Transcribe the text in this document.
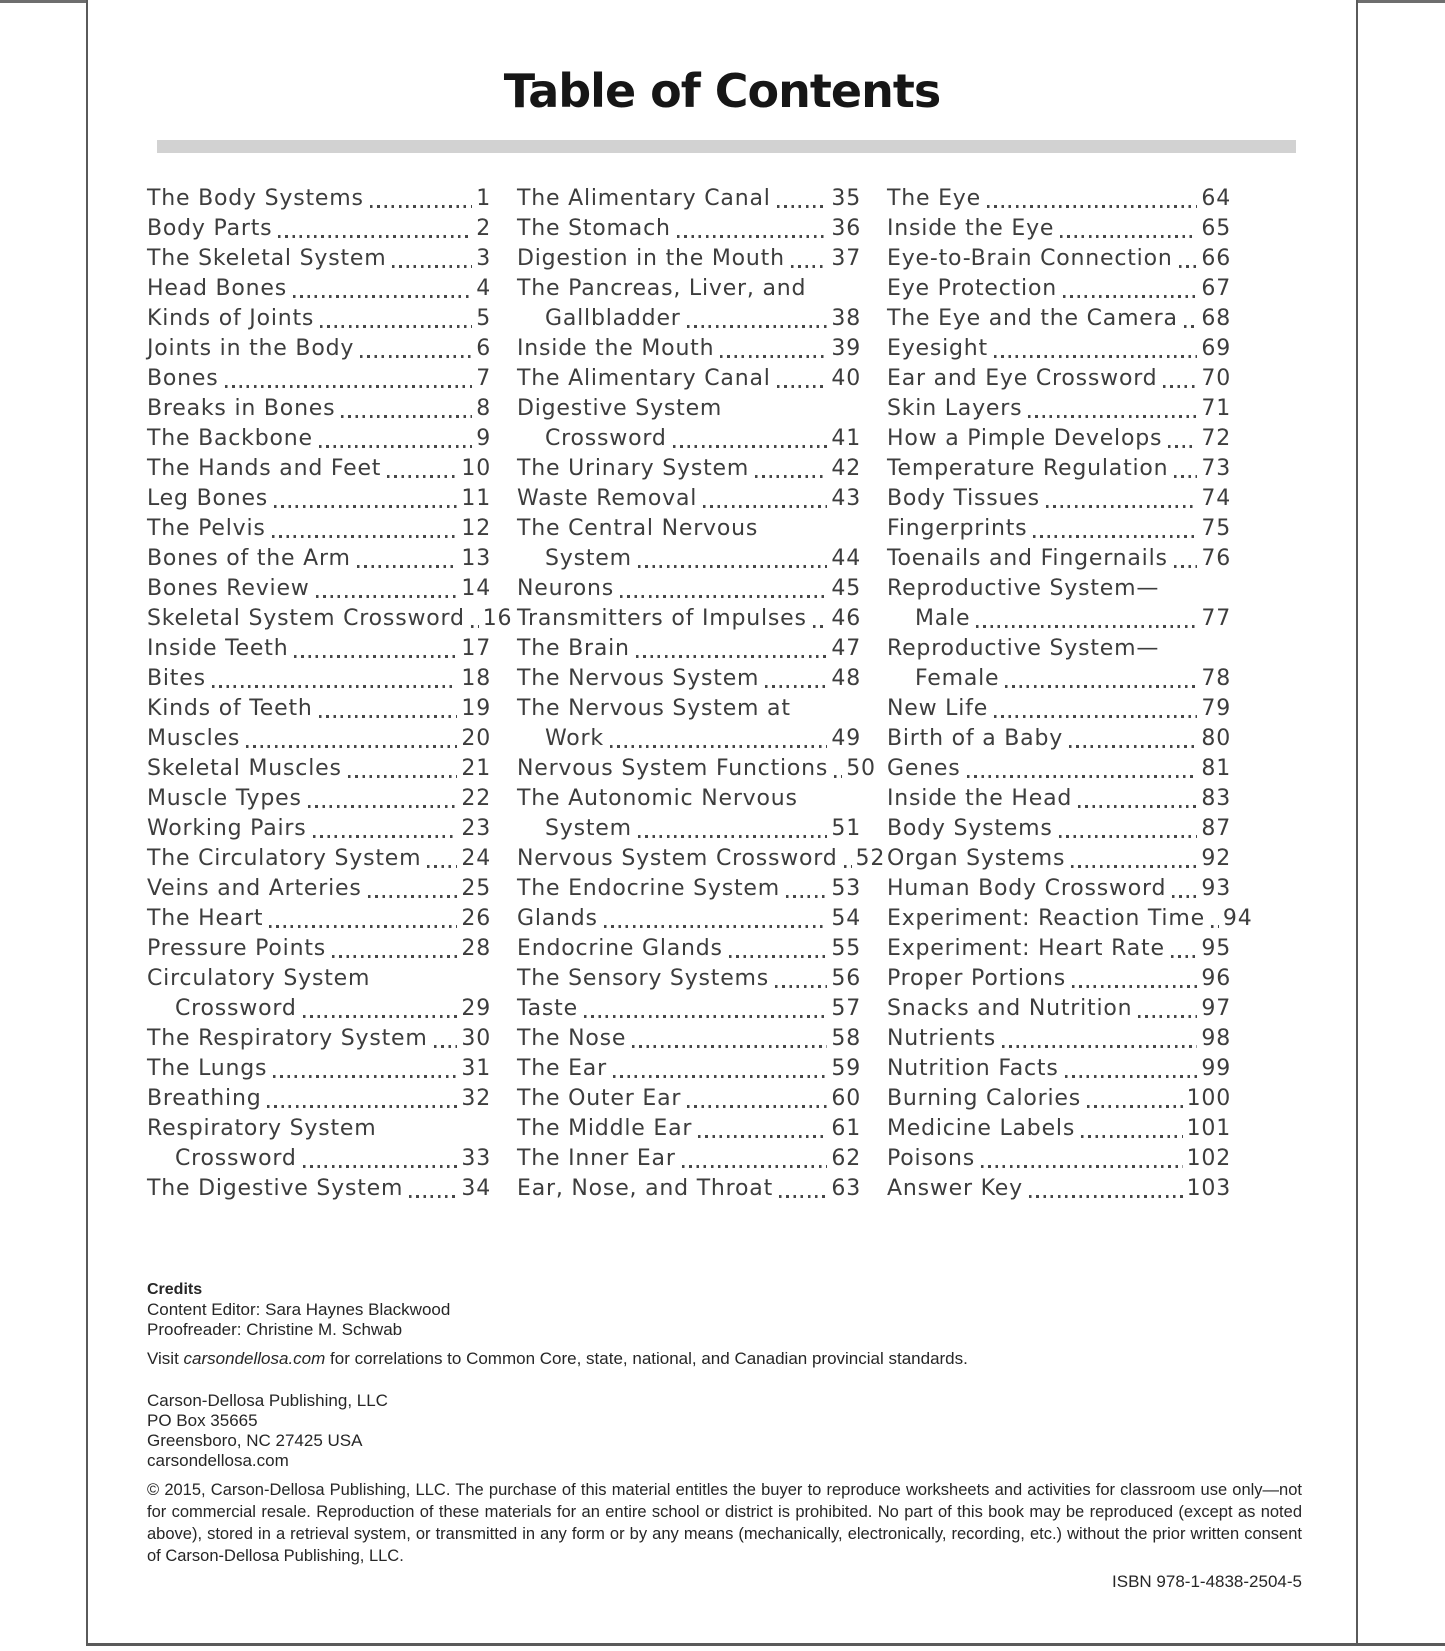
Table of Contents
The Body Systems	1
Body Parts	2
The Skeletal System	3
Head Bones	4
Kinds of Joints	5
Joints in the Body	6
Bones	7
Breaks in Bones	8
The Backbone	9
The Hands and Feet	10
Leg Bones	11
The Pelvis	12
Bones of the Arm	13
Bones Review	14
Skeletal System Crossword 16
Inside Teeth	17
Bites	18
Kinds of Teeth	19
Muscles	20
Skeletal Muscles	21
Muscle Types	22
Working Pairs	23
The Circulatory System 24
Veins and Arteries	25
The Heart	26
Pressure Points	28
Circulatory System
Crossword	29
The Respiratory System 30
The Lungs	31
Breathing	32
Respiratory System
Crossword	33
The Digestive System	34
The Alimentary Canal	35
The Stomach	36
Digestion in the Mouth 37
The Pancreas, Liver, and
Gallbladder	38
Inside the Mouth	39
The Alimentary Canal	40
Digestive System
Crossword	41
The Urinary System	42
Waste Removal	43
The Central Nervous
System	44
Neurons	45
Transmitters of Impulses 46
The Brain	47
The Nervous System	48
The Nervous System at
Work	49
Nervous System Functions 50
The Autonomic Nervous
System	51
Nervous System Crossword 52
The Endocrine System 53
Glands	54
Endocrine Glands	55
The Sensory Systems	56
Taste	57
The Nose	58
The Ear	59
The Outer Ear	60
The Middle Ear	61
The Inner Ear	62
Ear, Nose, and Throat	63
The Eye	64
Inside the Eye	65
Eye-to-Brain Connection 66
Eye Protection	67
The Eye and the Camera 68
Eyesight	69
Ear and Eye Crossword 70
Skin Layers	71
How a Pimple Develops 72
Temperature Regulation 73
Body Tissues	74
Fingerprints	75
Toenails and Fingernails 76
Reproductive System—
Male	77
Reproductive System—
Female	78
New Life	79
Birth of a Baby	80
Genes	81
Inside the Head	83
Body Systems	87
Organ Systems	92
Human Body Crossword 93
Experiment: Reaction Time 94
Experiment: Heart Rate 95
Proper Portions	96
Snacks and Nutrition	97
Nutrients	98
Nutrition Facts	99
Burning Calories	100
Medicine Labels	101
Poisons	102
Answer Key	103
Credits
Content Editor: Sara Haynes Blackwood
Proofreader: Christine M. Schwab

Visit carsondellosa.com for correlations to Common Core, state, national, and Canadian provincial standards.

Carson-Dellosa Publishing, LLC
PO Box 35665
Greensboro, NC 27425 USA
carsondellosa.com

© 2015, Carson-Dellosa Publishing, LLC. The purchase of this material entitles the buyer to reproduce worksheets and activities for classroom use only—not for commercial resale. Reproduction of these materials for an entire school or district is prohibited. No part of this book may be reproduced (except as noted above), stored in a retrieval system, or transmitted in any form or by any means (mechanically, electronically, recording, etc.) without the prior written consent of Carson-Dellosa Publishing, LLC.

ISBN 978-1-4838-2504-5
